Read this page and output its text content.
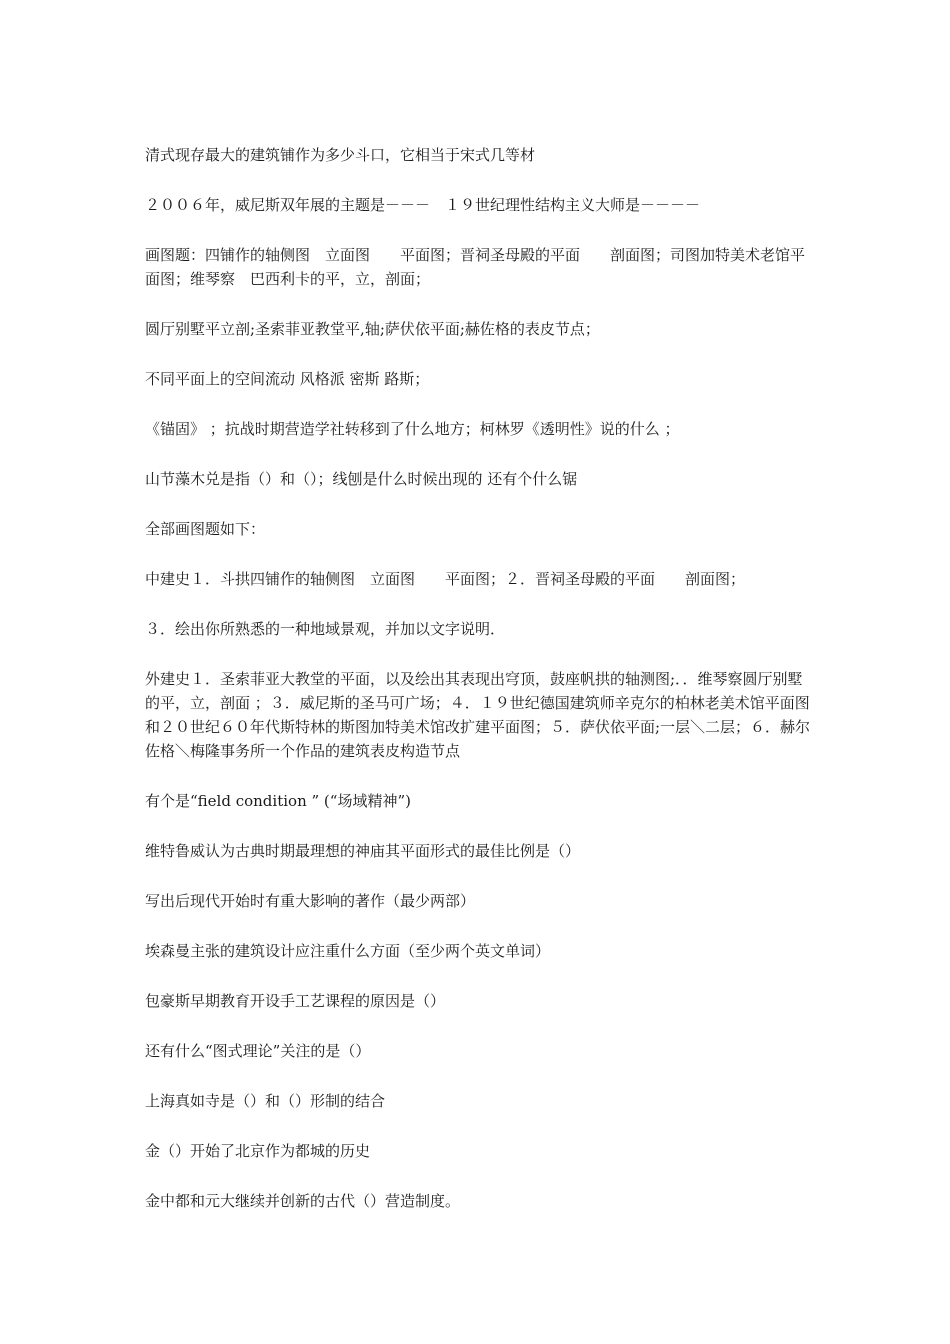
清式现存最大的建筑铺作为多少斗口，它相当于宋式几等材

２００６年，威尼斯双年展的主题是－－－　１９世纪理性结构主义大师是－－－－

画图题：四铺作的轴侧图　立面图　　平面图；晋祠圣母殿的平面　　剖面图；司图加特美术老馆平面图；维琴察　巴西利卡的平，立，剖面；

圆厅别墅平立剖;圣索菲亚教堂平,轴;萨伏依平面;赫佐格的表皮节点；

不同平面上的空间流动 风格派 密斯 路斯；

《锚固》 ；抗战时期营造学社转移到了什么地方；柯林罗《透明性》说的什么 ；

山节藻木兑是指（）和（）；线刨是什么时候出现的 还有个什么锯

全部画图题如下：

中建史１．斗拱四铺作的轴侧图　立面图　　平面图；２．晋祠圣母殿的平面　　剖面图；

３．绘出你所熟悉的一种地域景观，并加以文字说明．

外建史１．圣索菲亚大教堂的平面，以及绘出其表现出穹顶，鼓座帆拱的轴测图;．．维琴察圆厅别墅的平，立，剖面 ；３．威尼斯的圣马可广场；４．１９世纪德国建筑师辛克尔的柏林老美术馆平面图和２０世纪６０年代斯特林的斯图加特美术馆改扩建平面图；５．萨伏依平面;一层＼二层；６．赫尔佐格＼梅隆事务所一个作品的建筑表皮构造节点

有个是“field condition ” (“场域精神”)

维特鲁威认为古典时期最理想的神庙其平面形式的最佳比例是（）

写出后现代开始时有重大影响的著作（最少两部）

埃森曼主张的建筑设计应注重什么方面（至少两个英文单词）

包豪斯早期教育开设手工艺课程的原因是（）

还有什么“图式理论”关注的是（）

上海真如寺是（）和（）形制的结合

金（）开始了北京作为都城的历史

金中都和元大继续并创新的古代（）营造制度。
